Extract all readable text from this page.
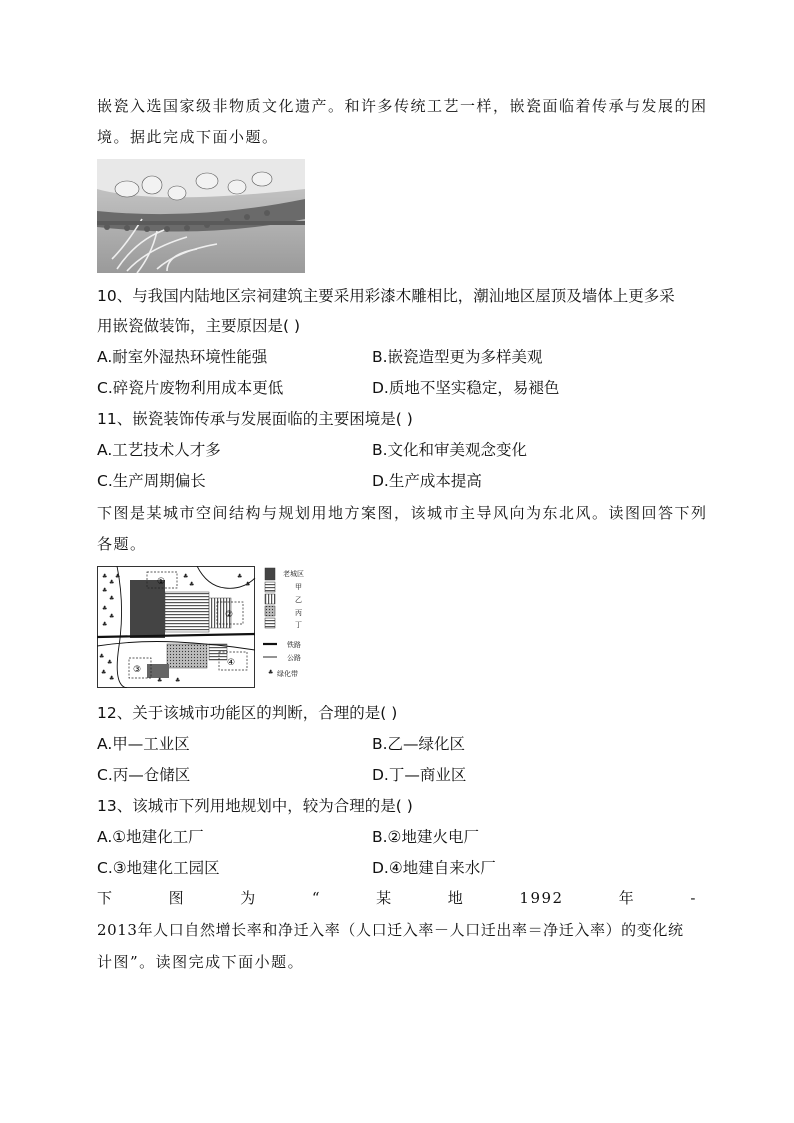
嵌瓷入选国家级非物质文化遗产。和许多传统工艺一样，嵌瓷面临着传承与发展的困
境。据此完成下面小题。
10、与我国内陆地区宗祠建筑主要采用彩漆木雕相比，潮汕地区屋顶及墙体上更多采
用嵌瓷做装饰，主要原因是( )
A.耐室外湿热环境性能强	B.嵌瓷造型更为多样美观
C.碎瓷片废物利用成本更低	D.质地不坚实稳定，易褪色
11、嵌瓷装饰传承与发展面临的主要困境是( )
A.工艺技术人才多	B.文化和审美观念变化
C.生产周期偏长	D.生产成本提高
下图是某城市空间结构与规划用地方案图，该城市主导风向为东北风。读图回答下列
各题。
①
②
③
④
♣
♣
♣
♣
♣
♣
♣
♣
♣
♣
♣
♣	♣
♣
♣
♣
♣ ♣
♣
老城区
甲
乙
丙
丁
铁路
公路
绿化带
12、关于该城市功能区的判断，合理的是( )
A.甲—工业区	B.乙—绿化区
C.丙—仓储区	D.丁—商业区
13、该城市下列用地规划中，较为合理的是( )
A.①地建化工厂	B.②地建火电厂
C.③地建化工园区	D.④地建自来水厂
下	图	为	“	某	地	1992	年	-
2013年人口自然增长率和净迁入率（人口迁入率－人口迁出率＝净迁入率）的变化统
计图”。读图完成下面小题。
